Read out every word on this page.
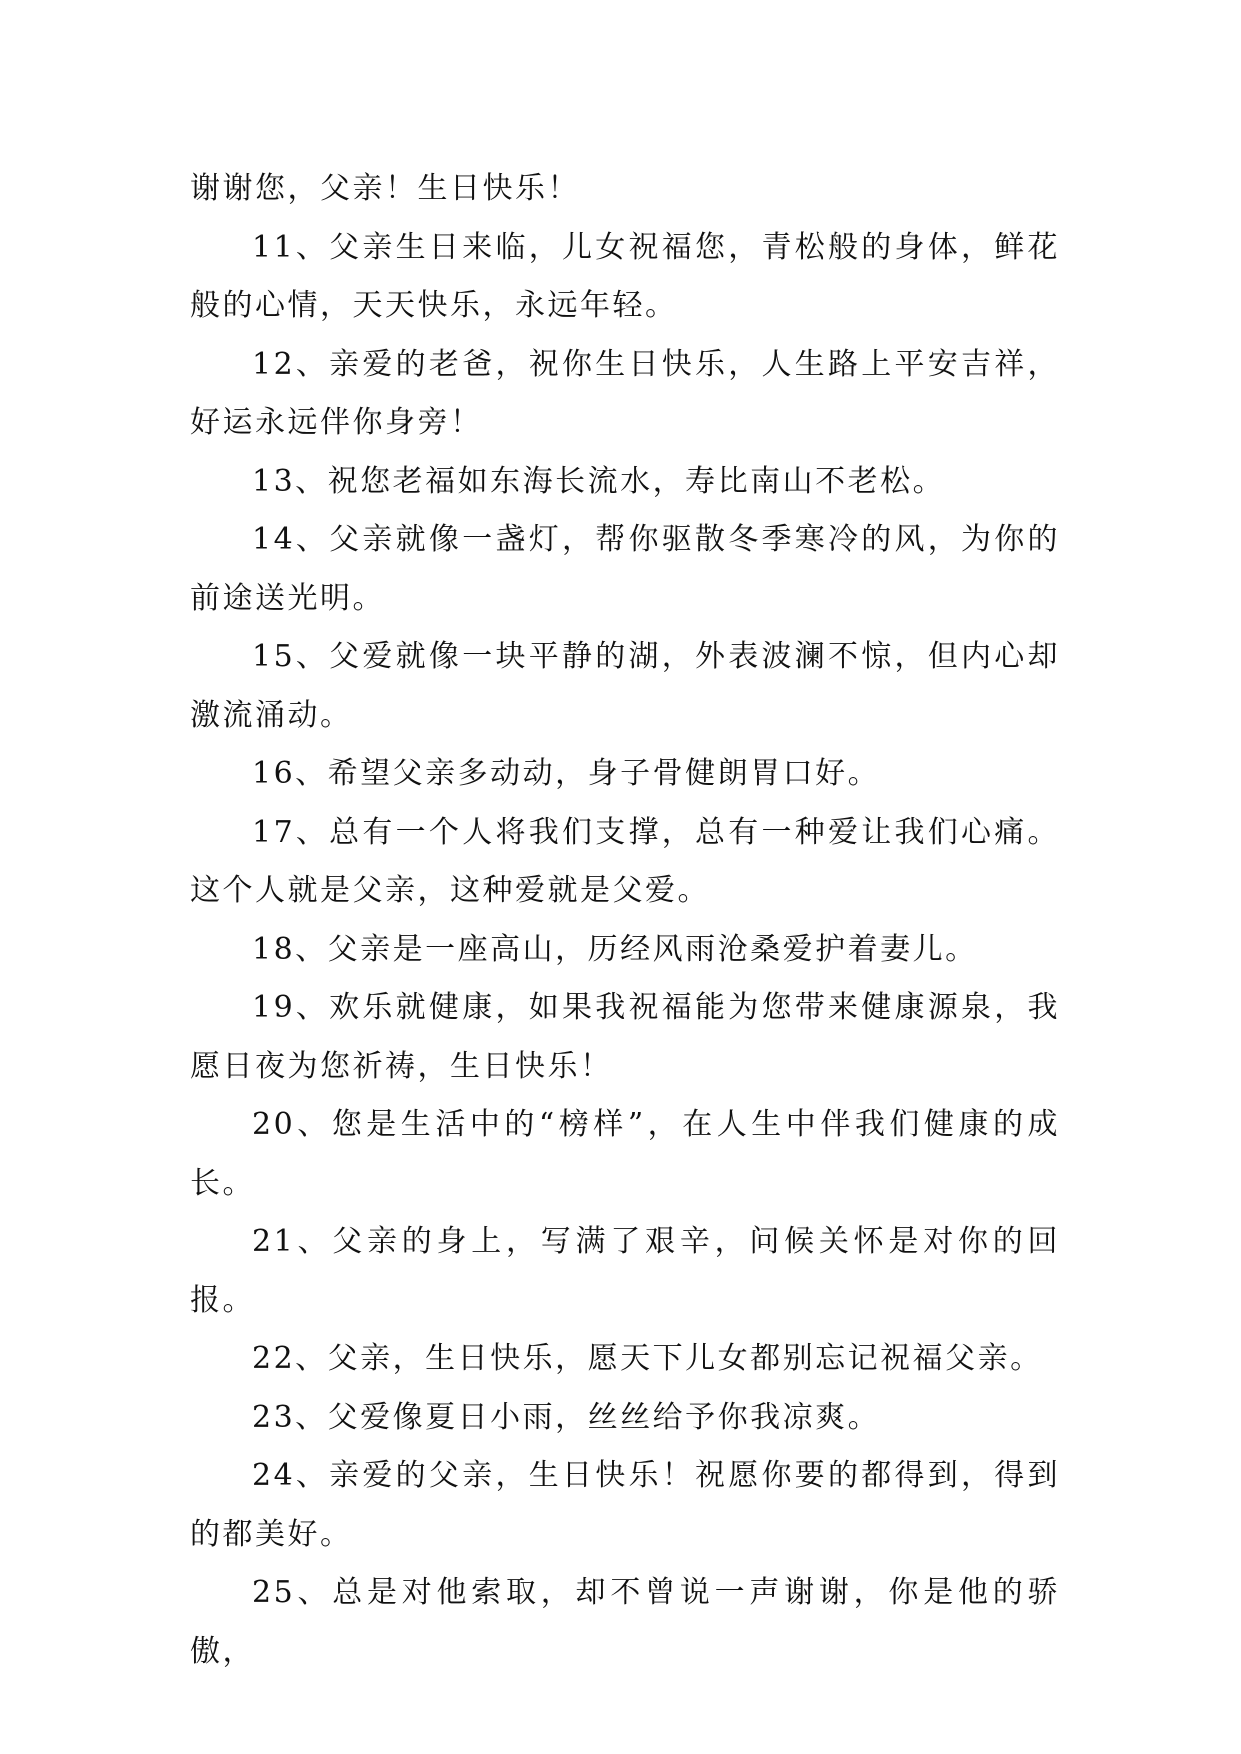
谢谢您，父亲！生日快乐！

11、父亲生日来临，儿女祝福您，青松般的身体，鲜花般的心情，天天快乐，永远年轻。

12、亲爱的老爸，祝你生日快乐，人生路上平安吉祥，好运永远伴你身旁！

13、祝您老福如东海长流水，寿比南山不老松。

14、父亲就像一盏灯，帮你驱散冬季寒冷的风，为你的前途送光明。

15、父爱就像一块平静的湖，外表波澜不惊，但内心却激流涌动。

16、希望父亲多动动，身子骨健朗胃口好。

17、总有一个人将我们支撑，总有一种爱让我们心痛。这个人就是父亲，这种爱就是父爱。

18、父亲是一座高山，历经风雨沧桑爱护着妻儿。

19、欢乐就健康，如果我祝福能为您带来健康源泉，我愿日夜为您祈祷，生日快乐！

20、您是生活中的“榜样”，在人生中伴我们健康的成长。

21、父亲的身上，写满了艰辛，问候关怀是对你的回报。

22、父亲，生日快乐，愿天下儿女都别忘记祝福父亲。

23、父爱像夏日小雨，丝丝给予你我凉爽。

24、亲爱的父亲，生日快乐！祝愿你要的都得到，得到的都美好。

25、总是对他索取，却不曾说一声谢谢，你是他的骄傲，
